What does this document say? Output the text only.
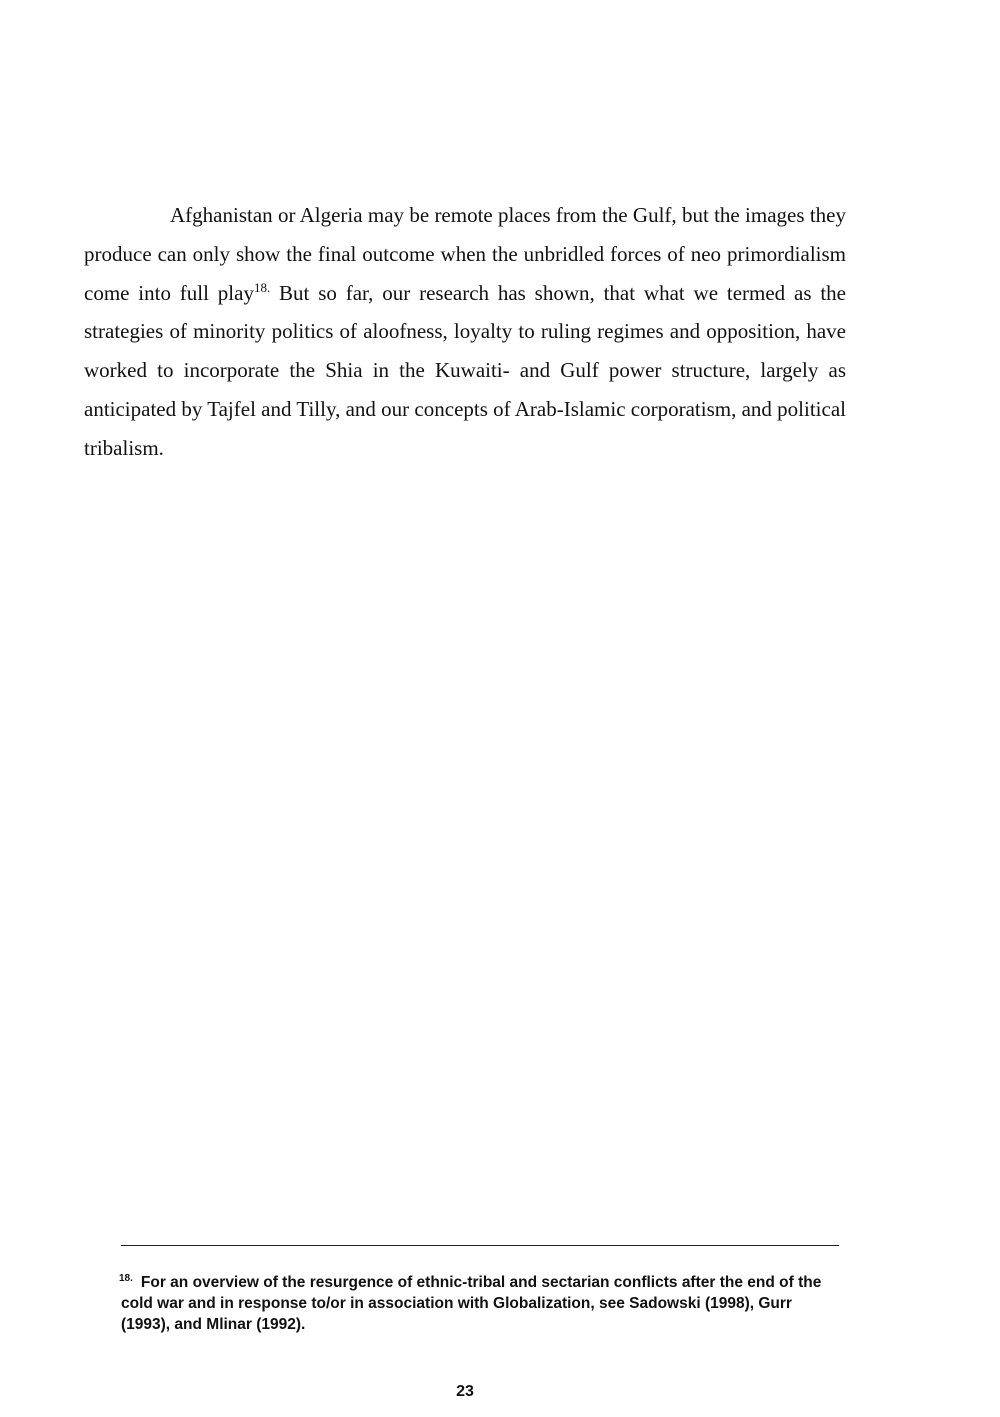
Afghanistan or Algeria may be remote places from the Gulf, but the images they produce can only show the final outcome when the unbridled forces of neo primordialism come into full play$^{18.}$ But so far, our research has shown, that what we termed as the strategies of minority politics of aloofness, loyalty to ruling regimes and opposition, have worked to incorporate the Shia in the Kuwaiti- and Gulf power structure, largely as anticipated by Tajfel and Tilly, and our concepts of Arab-Islamic corporatism, and political tribalism.

$^{18.}$ For an overview of the resurgence of ethnic-tribal and sectarian conflicts after the end of the cold war and in response to/or in association with Globalization, see Sadowski (1998), Gurr (1993), and Mlinar (1992).

23
